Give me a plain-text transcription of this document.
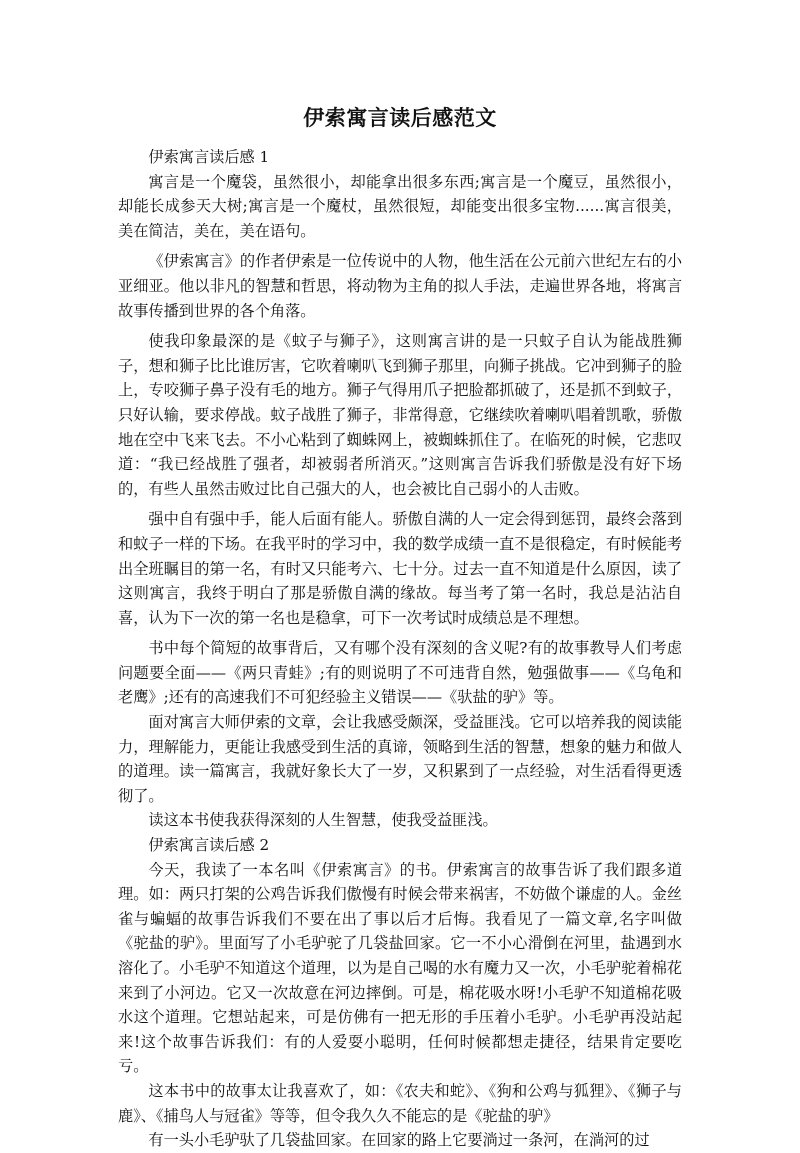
伊索寓言读后感范文

伊索寓言读后感 1

寓言是一个魔袋，虽然很小，却能拿出很多东西;寓言是一个魔豆，虽然很小，却能长成参天大树;寓言是一个魔杖，虽然很短，却能变出很多宝物......寓言很美，美在简洁，美在，美在语句。

《伊索寓言》的作者伊索是一位传说中的人物，他生活在公元前六世纪左右的小亚细亚。他以非凡的智慧和哲思，将动物为主角的拟人手法，走遍世界各地，将寓言故事传播到世界的各个角落。

使我印象最深的是《蚊子与狮子》，这则寓言讲的是一只蚊子自认为能战胜狮子，想和狮子比比谁厉害，它吹着喇叭飞到狮子那里，向狮子挑战。它冲到狮子的脸上，专咬狮子鼻子没有毛的地方。狮子气得用爪子把脸都抓破了，还是抓不到蚊子，只好认输，要求停战。蚊子战胜了狮子，非常得意，它继续吹着喇叭唱着凯歌，骄傲地在空中飞来飞去。不小心粘到了蜘蛛网上，被蜘蛛抓住了。在临死的时候，它悲叹道：“我已经战胜了强者，却被弱者所消灭。”这则寓言告诉我们骄傲是没有好下场的，有些人虽然击败过比自己强大的人，也会被比自己弱小的人击败。

强中自有强中手，能人后面有能人。骄傲自满的人一定会得到惩罚，最终会落到和蚊子一样的下场。在我平时的学习中，我的数学成绩一直不是很稳定，有时候能考出全班瞩目的第一名，有时又只能考六、七十分。过去一直不知道是什么原因，读了这则寓言，我终于明白了那是骄傲自满的缘故。每当考了第一名时，我总是沾沾自喜，认为下一次的第一名也是稳拿，可下一次考试时成绩总是不理想。

书中每个简短的故事背后，又有哪个没有深刻的含义呢?有的故事教导人们考虑问题要全面——《两只青蛙》;有的则说明了不可违背自然，勉强做事——《乌龟和老鹰》;还有的高速我们不可犯经验主义错误——《驮盐的驴》等。

面对寓言大师伊索的文章，会让我感受颇深，受益匪浅。它可以培养我的阅读能力，理解能力，更能让我感受到生活的真谛，领略到生活的智慧，想象的魅力和做人的道理。读一篇寓言，我就好象长大了一岁，又积累到了一点经验，对生活看得更透彻了。

读这本书使我获得深刻的人生智慧，使我受益匪浅。

伊索寓言读后感 2

今天，我读了一本名叫《伊索寓言》的书。伊索寓言的故事告诉了我们跟多道理。如：两只打架的公鸡告诉我们傲慢有时候会带来祸害，不妨做个谦虚的人。金丝雀与蝙蝠的故事告诉我们不要在出了事以后才后悔。我看见了一篇文章,名字叫做《驼盐的驴》。里面写了小毛驴驼了几袋盐回家。它一不小心滑倒在河里，盐遇到水溶化了。小毛驴不知道这个道理，以为是自己喝的水有魔力又一次，小毛驴驼着棉花来到了小河边。它又一次故意在河边摔倒。可是，棉花吸水呀!小毛驴不知道棉花吸水这个道理。它想站起来，可是仿佛有一把无形的手压着小毛驴。小毛驴再没站起来!这个故事告诉我们：有的人爱耍小聪明，任何时候都想走捷径，结果肯定要吃亏。

这本书中的故事太让我喜欢了，如：《农夫和蛇》、《狗和公鸡与狐狸》、《狮子与鹿》、《捕鸟人与冠雀》等等，但令我久久不能忘的是《驼盐的驴》

有一头小毛驴驮了几袋盐回家。在回家的路上它要淌过一条河，在淌河的过
